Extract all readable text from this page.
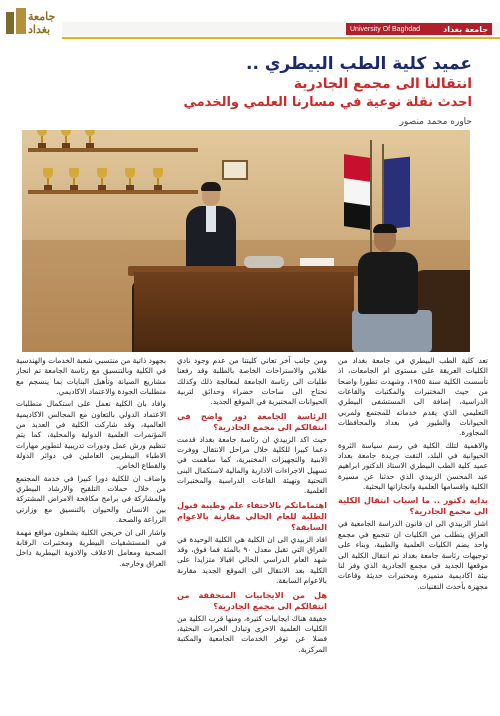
جامعة بغداد	University Of Baghdad	جامعة بغداد
عميد كلية الطب البيطري ..
انتقالنا الى مجمع الجادرية
احدث نقلة نوعية في مسارنا العلمي والخدمي
حاوره محمد منصور

تعد كلية الطب البيطري في جامعة بغداد من الكليات العريقة على مستوى ام الجامعات، اذ تأسست الكلية سنة ١٩٥٥، وشهدت تطورا واضحا من حيث المختبرات والمكتبات والقاعات الدراسية، إضافة الى المستشفى البيطري التعليمي الذي يقدم خدماته للمجتمع ولمربي الحيوانات والطيور في بغداد والمحافظات المجاورة.

والاهمية لتلك الكلية في رسم سياسة الثروة الحيوانية في البلد، التقت جريدة جامعة بغداد عميد كلية الطب البيطري الاستاذ الدكتور ابراهيم عبد المحسن الزبيدي الذي حدثنا عن مسيرة الكلية واقسامها العلمية وانجازاتها البحثية.

بداية دكتور .. ما اسباب انتقال الكلية الى مجمع الجادرية؟

اشار الزبيدي الى ان قانون الدراسة الجامعية في العراق يتطلب من الكليات ان تتجمع في مجمع واحد يضم الكليات العلمية والطبية، وبناء على توجيهات رئاسة جامعة بغداد تم انتقال الكلية الى موقعها الجديد في مجمع الجادرية الذي وفر لنا بيئة اكاديمية متميزة ومختبرات حديثة وقاعات مجهزة بأحدث التقنيات.

ومن جانب آخر تعاني كليتنا من عدم وجود نادي طلابي والاستراحات الخاصة بالطلبة وقد رفعنا طلبات الى رئاسة الجامعة لمعالجة ذلك وكذلك نحتاج الى ساحات خضراء وحدائق لتربية الحيوانات المختبرية في الموقع الجديد.

الرئاسة الجامعة دور واضح في انتقالكم الى مجمع الجادرية؟

حيث اكد الزبيدي ان رئاسة جامعة بغداد قدمت دعما كبيرا للكلية خلال مراحل الانتقال ووفرت الابنية والتجهيزات المختبرية، كما ساهمت في تسهيل الاجراءات الادارية والمالية لاستكمال البنى التحتية وتهيئة القاعات الدراسية والمختبرات العلمية.

اهتماماتكم بالاحتفاء علم وطيبة قبول الطلبة للعام الحالي مقارنة بالاعوام السابقة؟

افاد الزبيدي الى ان الكلية هي الكلية الوحيدة في العراق التي تقبل معدل ٩٠ بالمئة فما فوق، وقد شهد العام الدراسي الحالي اقبالا متزايدا على الكلية بعد الانتقال الى الموقع الجديد مقارنة بالاعوام السابقة.

هل من الايجابيات المتحققة من انتقالكم الى مجمع الجادرية؟

حقيقة هناك ايجابيات كثيرة، ومنها قرب الكلية من الكليات العلمية الاخرى وتبادل الخبرات البحثية، فضلا عن توفر الخدمات الجامعية والمكتبة المركزية.

بجهود ذاتية من منتسبي شعبة الخدمات والهندسية في الكلية وبالتنسيق مع رئاسة الجامعة تم انجاز مشاريع الصيانة وتأهيل البنايات بما ينسجم مع متطلبات الجودة والاعتماد الاكاديمي.

وافاد بان الكلية تعمل على استكمال متطلبات الاعتماد الدولي بالتعاون مع المجالس الاكاديمية العالمية، وقد شاركت الكلية في العديد من المؤتمرات العلمية الدولية والمحلية، كما يتم تنظيم ورش عمل ودورات تدريبية لتطوير مهارات الاطباء البيطريين العاملين في دوائر الدولة والقطاع الخاص.

واضاف ان للكلية دورا كبيرا في خدمة المجتمع من خلال حملات التلقيح والارشاد البيطري والمشاركة في برامج مكافحة الامراض المشتركة بين الانسان والحيوان بالتنسيق مع وزارتي الزراعة والصحة.

واشار الى ان خريجي الكلية يشغلون مواقع مهمة في المستشفيات البيطرية ومختبرات الرقابة الصحية ومعامل الاعلاف والادوية البيطرية داخل العراق وخارجه.
